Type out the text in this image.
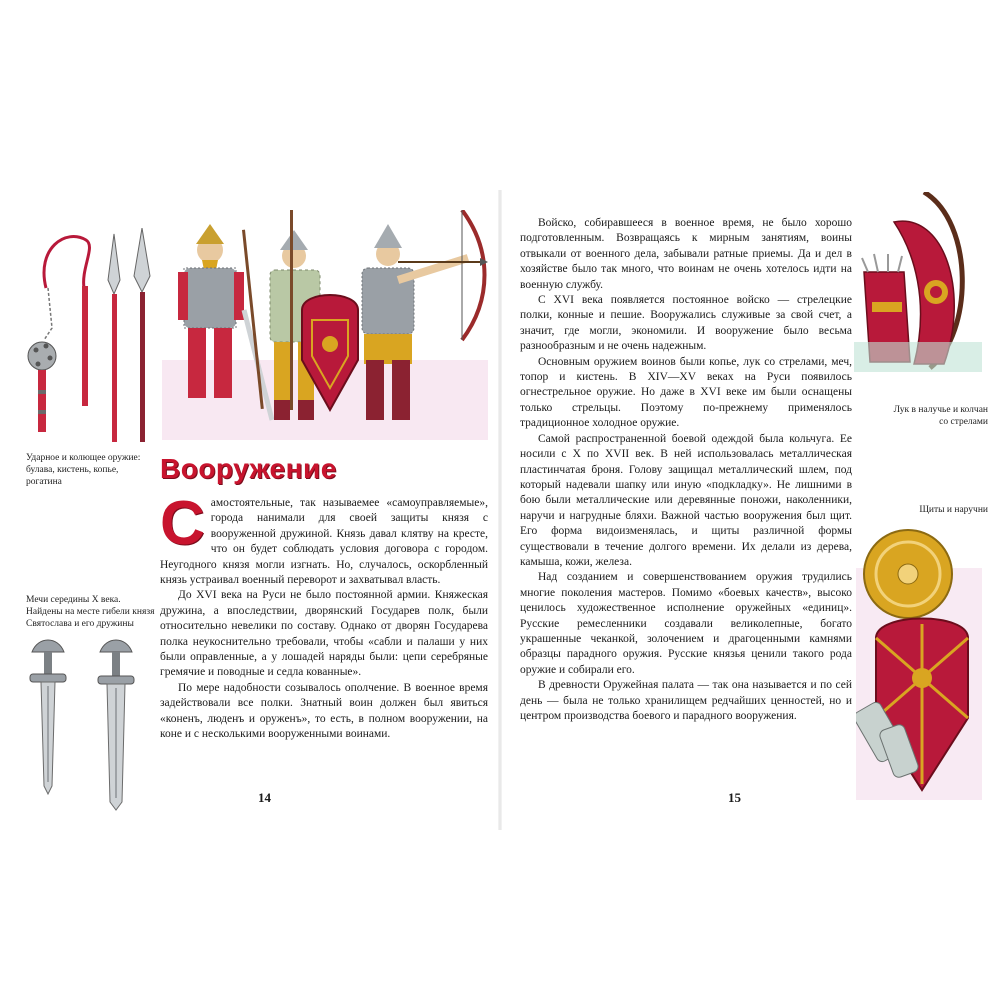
Ударное и колющее оружие: булава, кистень, копье, рогатина
Мечи середины X века. Найдены на месте гибели князя Святослава и его дружины
Вооружение

Самостоятельные, так называемее «самоуправляемые», города нанимали для своей защиты князя с вооруженной дружиной. Князь давал клятву на кресте, что он будет соблюдать условия договора с городом. Неугодного князя могли изгнать. Но, случалось, оскорбленный князь устраивал военный переворот и захватывал власть.

До XVI века на Руси не было постоянной армии. Княжеская дружина, а впоследствии, дворянский Государев полк, были относительно невелики по составу. Однако от дворян Государева полка неукоснительно требовали, чтобы «сабли и палаши у них были оправленные, а у лошадей наряды были: цепи серебряные гремячие и поводные и седла кованные».

По мере надобности созывалось ополчение. В военное время задействовали все полки. Знатный воин должен был явиться «коненъ, люденъ и оруженъ», то есть, в полном вооружении, на коне и с несколькими вооруженными воинами.

14

Войско, собиравшееся в военное время, не было хорошо подготовленным. Возвращаясь к мирным занятиям, воины отвыкали от военного дела, забывали ратные приемы. Да и дел в хозяйстве было так много, что воинам не очень хотелось идти на военную службу.

С XVI века появляется постоянное войско — стрелецкие полки, конные и пешие. Вооружались служивые за свой счет, а значит, где могли, экономили. И вооружение было весьма разнообразным и не очень надежным.

Основным оружием воинов были копье, лук со стрелами, меч, топор и кистень. В XIV—XV веках на Руси появилось огнестрельное оружие. Но даже в XVI веке им были оснащены только стрельцы. Поэтому по-прежнему применялось традиционное холодное оружие.

Самой распространенной боевой одеждой была кольчуга. Ее носили с X по XVII век. В ней использовалась металлическая пластинчатая броня. Голову защищал металлический шлем, под который надевали шапку или иную «подкладку». Не лишними в бою были металлические или деревянные поножи, наколенники, наручи и нагрудные бляхи. Важной частью вооружения был щит. Его форма видоизменялась, и щиты различной формы существовали в течение долгого времени. Их делали из дерева, камыша, кожи, железа.

Над созданием и совершенствованием оружия трудились многие поколения мастеров. Помимо «боевых качеств», высоко ценилось художественное исполнение оружейных «единиц». Русские ремесленники создавали великолепные, богато украшенные чеканкой, золочением и драгоценными камнями образцы парадного оружия. Русские князья ценили такого рода оружие и собирали его.

В древности Оружейная палата — так она называется и по сей день — была не только хранилищем редчайших ценностей, но и центром производства боевого и парадного вооружения.

Лук в налучье и колчан со стрелами
Щиты и наручни
15
